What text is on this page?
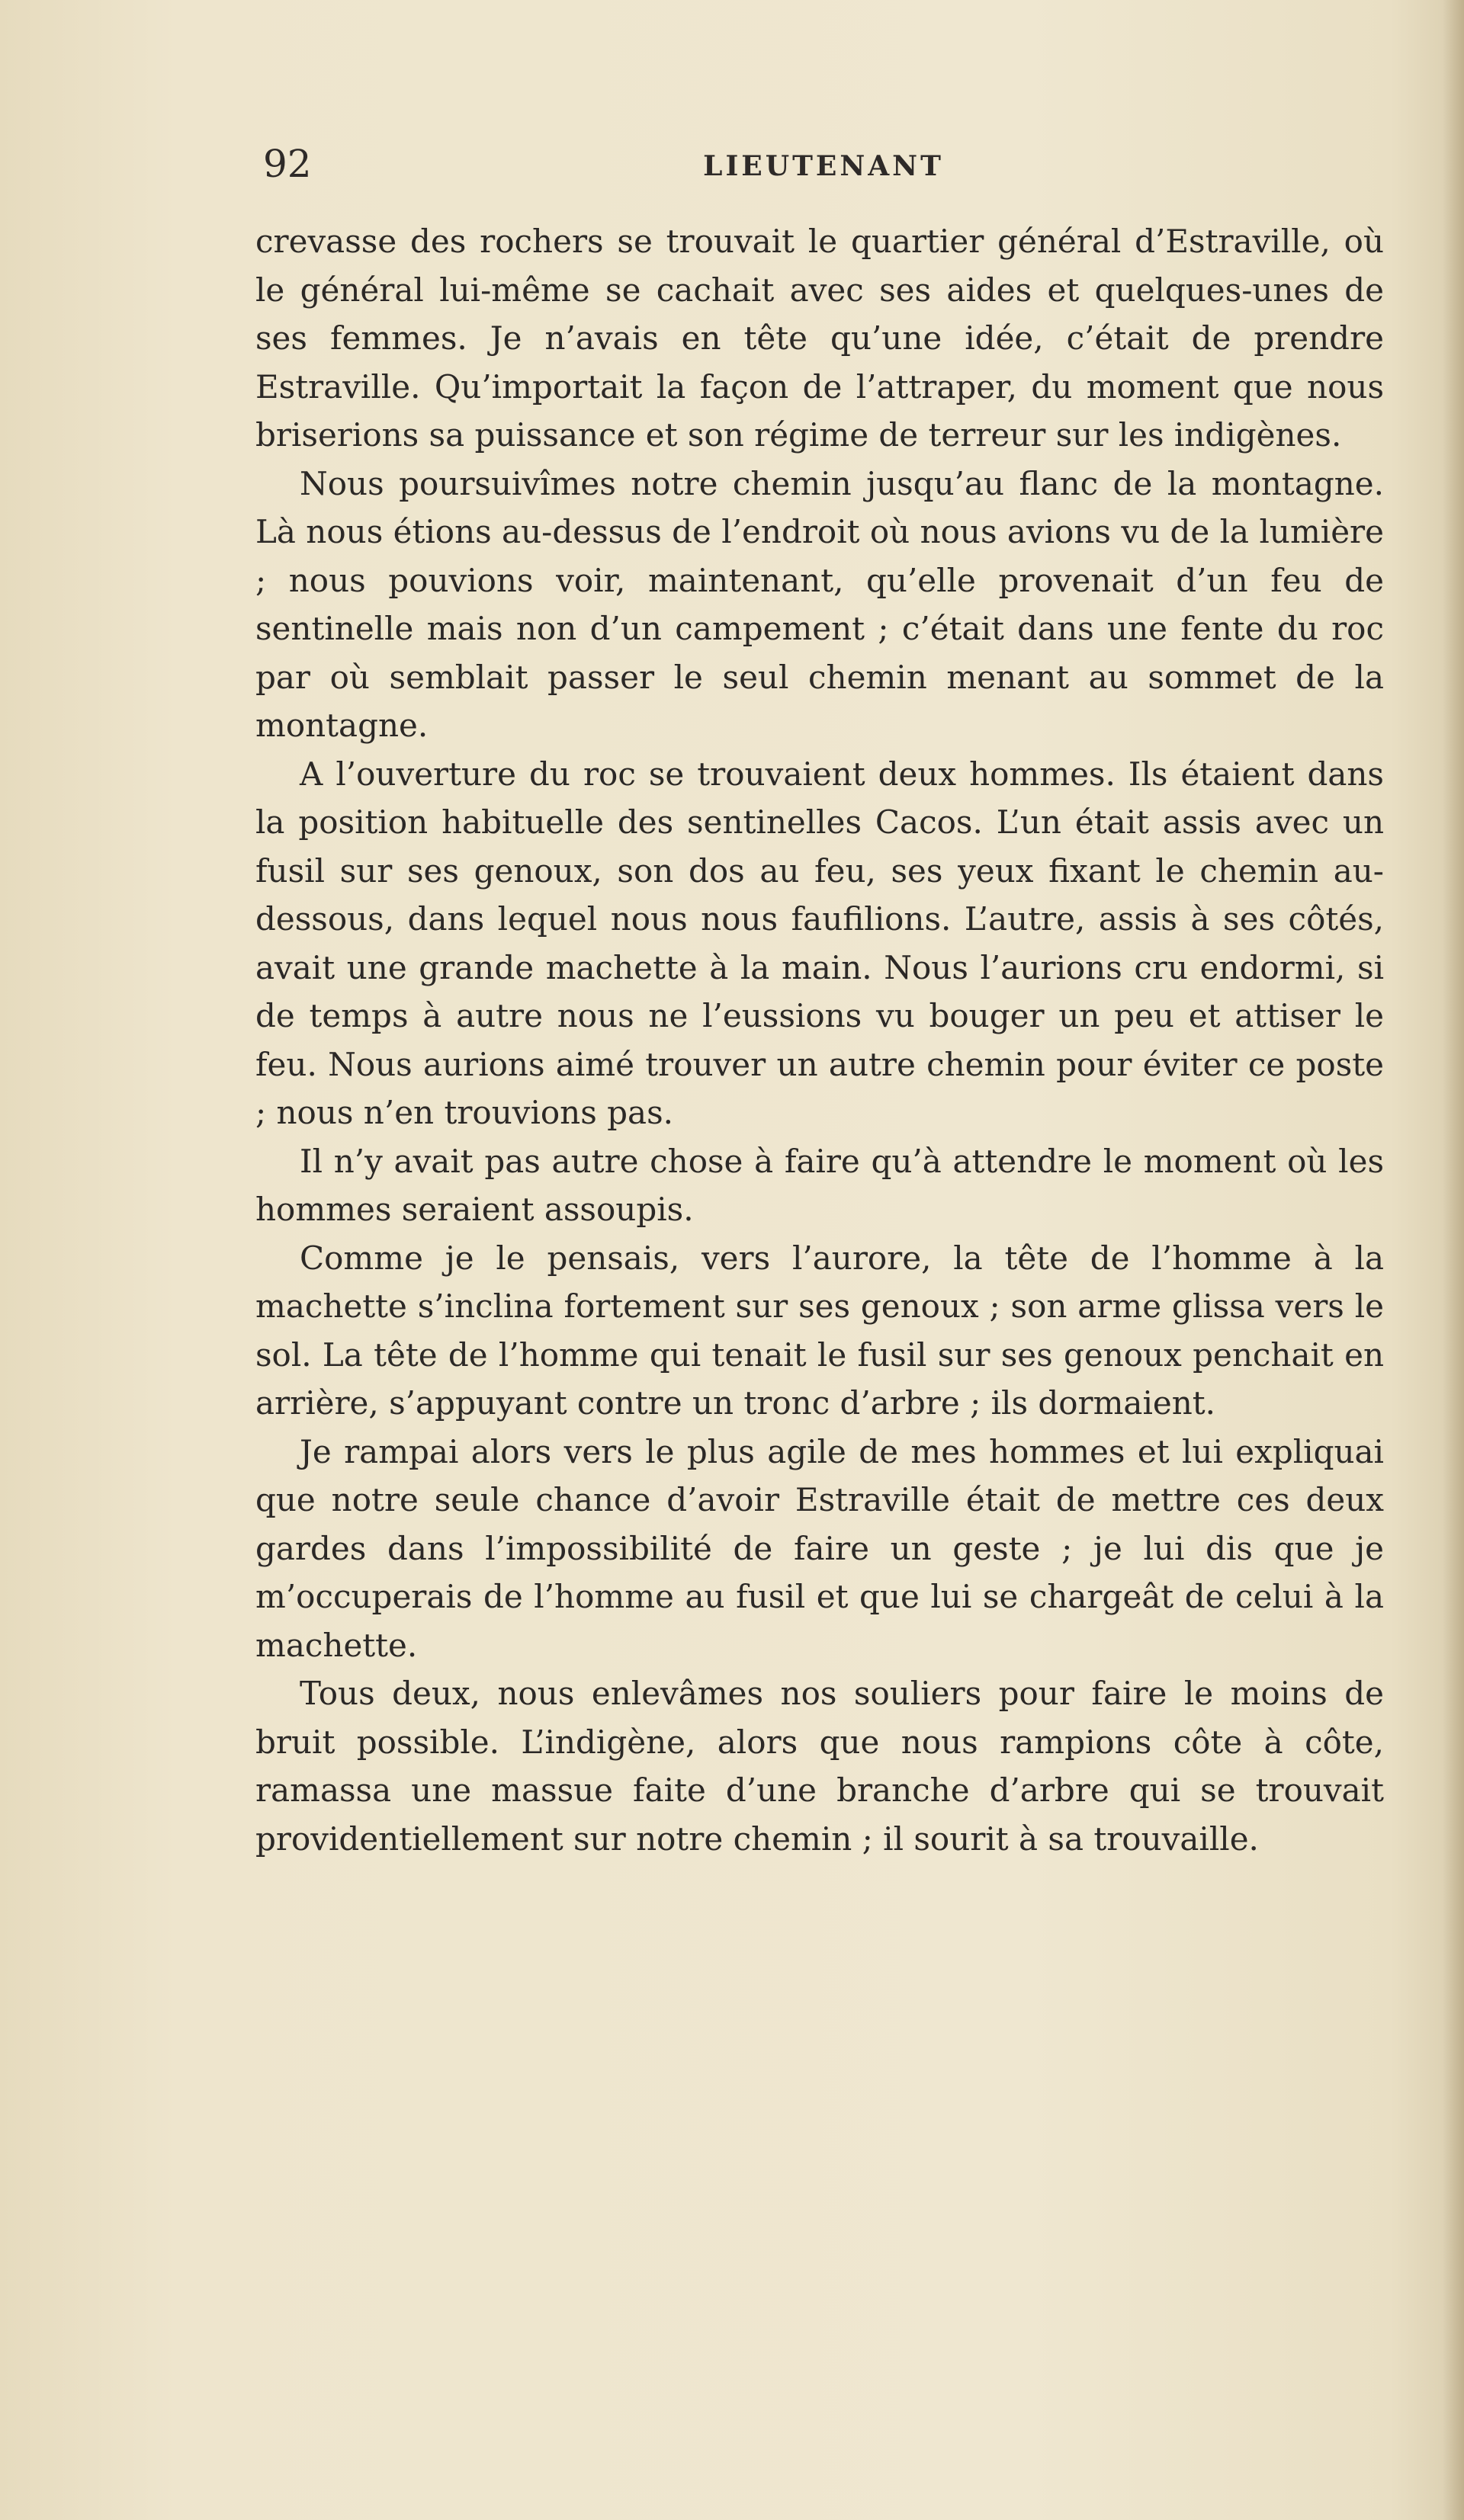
92	LIEUTENANT

crevasse des rochers se trouvait le quartier général d’Estraville, où le général lui-même se cachait avec ses aides et quelques-unes de ses femmes. Je n’avais en tête qu’une idée, c’était de prendre Estraville. Qu’importait la façon de l’attraper, du moment que nous briserions sa puissance et son régime de terreur sur les indigènes.

Nous poursuivîmes notre chemin jusqu’au flanc de la montagne. Là nous étions au-dessus de l’endroit où nous avions vu de la lumière ; nous pouvions voir, maintenant, qu’elle provenait d’un feu de sentinelle mais non d’un campement ; c’était dans une fente du roc par où semblait passer le seul chemin menant au sommet de la montagne.

A l’ouverture du roc se trouvaient deux hommes. Ils étaient dans la position habituelle des sentinelles Cacos. L’un était assis avec un fusil sur ses genoux, son dos au feu, ses yeux fixant le chemin au-dessous, dans lequel nous nous faufilions. L’autre, assis à ses côtés, avait une grande machette à la main. Nous l’aurions cru endormi, si de temps à autre nous ne l’eussions vu bouger un peu et attiser le feu. Nous aurions aimé trouver un autre chemin pour éviter ce poste ; nous n’en trouvions pas.

Il n’y avait pas autre chose à faire qu’à attendre le moment où les hommes seraient assoupis.

Comme je le pensais, vers l’aurore, la tête de l’homme à la machette s’inclina fortement sur ses genoux ; son arme glissa vers le sol. La tête de l’homme qui tenait le fusil sur ses genoux penchait en arrière, s’appuyant contre un tronc d’arbre ; ils dormaient.

Je rampai alors vers le plus agile de mes hommes et lui expliquai que notre seule chance d’avoir Estraville était de mettre ces deux gardes dans l’impossibilité de faire un geste ; je lui dis que je m’occuperais de l’homme au fusil et que lui se chargeât de celui à la machette.

Tous deux, nous enlevâmes nos souliers pour faire le moins de bruit possible. L’indigène, alors que nous rampions côte à côte, ramassa une massue faite d’une branche d’arbre qui se trouvait providentiellement sur notre chemin ; il sourit à sa trouvaille.
